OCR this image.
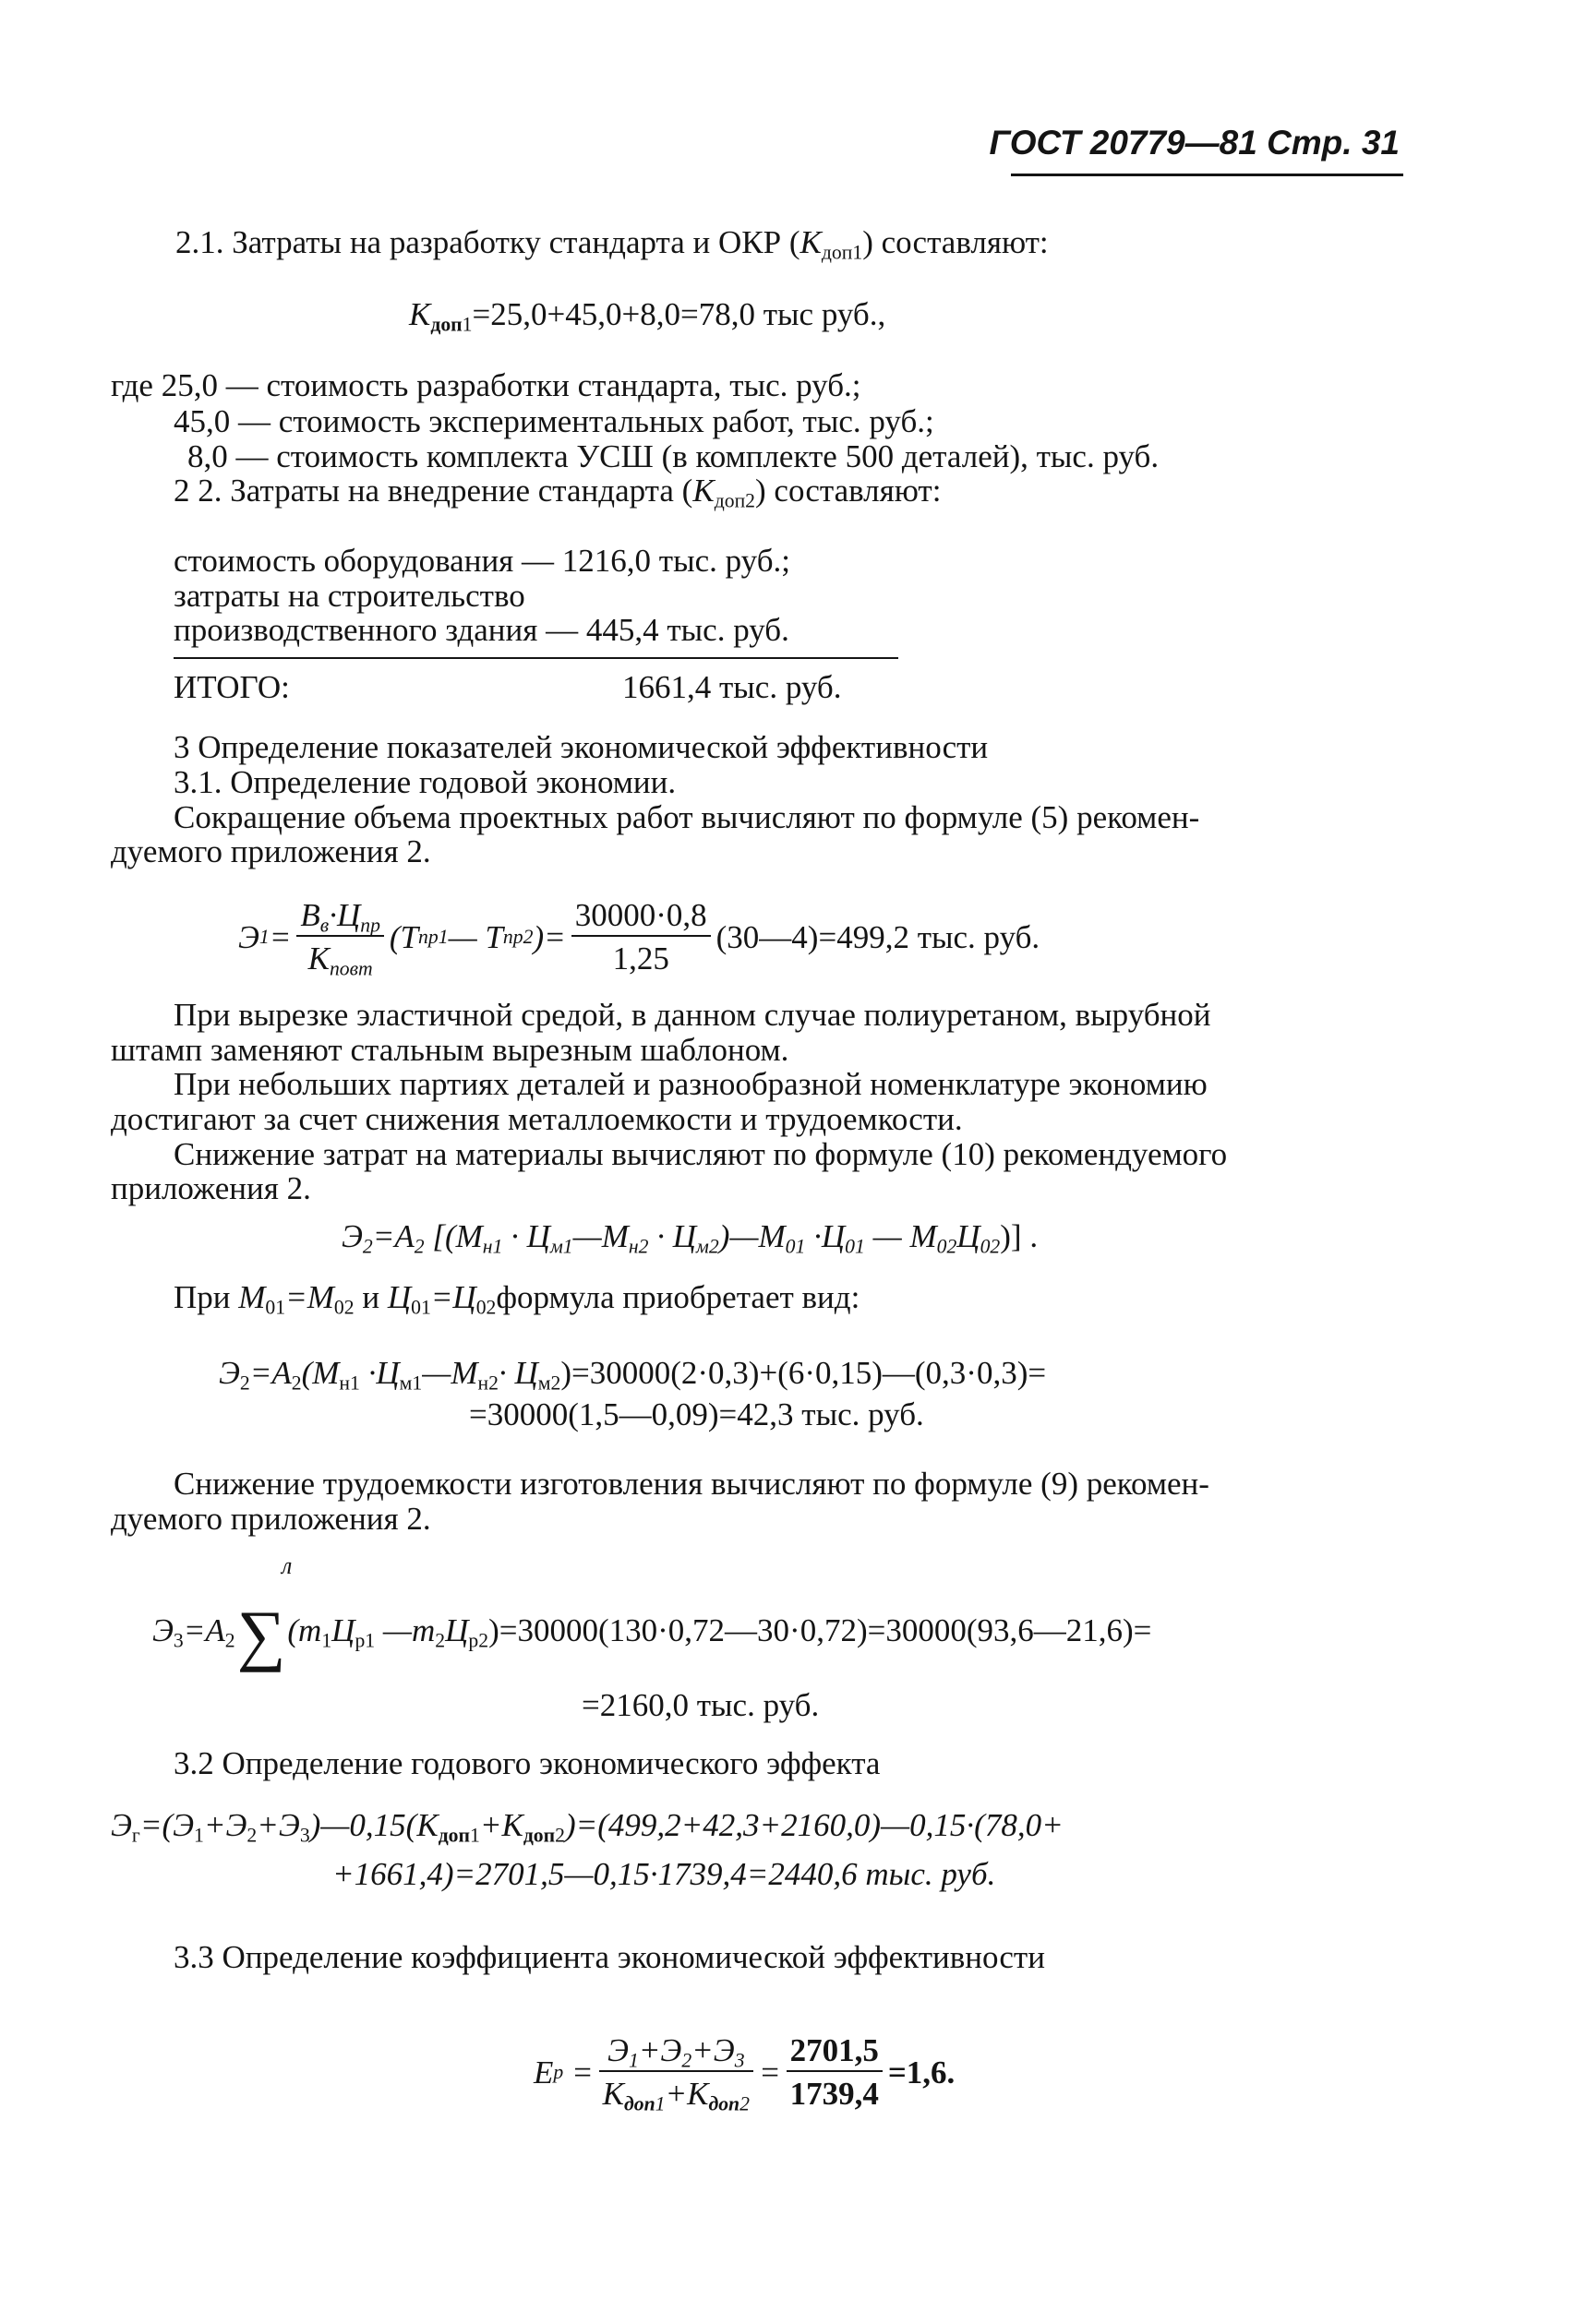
ГОСТ 20779—81 Стр. 31
2.1. Затраты на разработку стандарта и ОКР $(K_{доп1})$ составляют:
$K_{доп1}=25,0+45,0+8,0=78,0$ тыс руб.,
где 25,0 — стоимость разработки стандарта, тыс. руб.;
45,0 — стоимость экспериментальных работ, тыс. руб.;
8,0 — стоимость комплекта УСШ (в комплекте 500 деталей), тыс. руб.
2 2. Затраты на внедрение стандарта $(K_{доп2})$ составляют:
стоимость оборудования — 1216,0 тыс. руб.;
затраты на строительство
производственного здания — 445,4 тыс. руб.
ИТОГО:	1661,4 тыс. руб.
3 Определение показателей экономической эффективности
3.1. Определение годовой экономии.
Сокращение объема проектных работ вычисляют по формуле (5) рекомен-
дуемого приложения 2.
Э $1 = \frac{В_в\cdot Ц_{пр}}{K_{повт}} (T$ пр 1 — T пр 2 )= $\frac{30000\cdot 0,8}{1,25}$ (30—4)=499,2 тыс. руб.
При вырезке эластичной средой, в данном случае полиуретаном, вырубной
штамп заменяют стальным вырезным шаблоном.
При небольших партиях деталей и разнообразной номенклатуре экономию
достигают за счет снижения металлоемкости и трудоемкости.
Снижение затрат на материалы вычисляют по формуле (10) рекомендуемого
приложения 2.
$Э_2=A_2$ [($M_{н1}$ · $Ц_{м1}—M_{н2}$ · $Ц_{м2})—M_{01} \cdot Ц_{01}$ — $M_{02}Ц_{02}$)] .
При $M_{01}=M_{02}$ и $Ц_{01}=Ц_{02}формула$ приобретает вид:
$Э_2=A_2(M_{н1}$ $\cdot Ц_{м1}—M_{н2}\cdot$ $Ц_{м2})=30000(2\cdot 0,3)+(6\cdot 0,15)—(0,3\cdot 0,3)=$
=30000(1,5—0,09)=42,3 тыс. руб.
Снижение трудоемкости изготовления вычисляют по формуле (9) рекомен-
дуемого приложения 2.
л
$Э_3=A_2\sum(т_1Ц_{р1}$ $—т_2Ц_{р2})=30000(130\cdot 0,72—30\cdot 0,72)=30000(93,6—21,6)=$
=2160,0 тыс. руб.
3.2 Определение годового экономического эффекта
$Э_г=(Э_1+Э_2+Э_3)—0,15(K_{доп1}+K_{доп2})=(499,2+42,3+2160,0)—0,15\cdot(78,0+$
+1661,4)=2701,5—0,15·1739,4=2440,6 тыс. руб.
3.3 Определение коэффициента экономической эффективности
E $р = \frac{Э_1+Э_2+Э_3}{K_{доп1}+K_{доп2}} = \frac{2701,5}{1739,4} =1,6$.
